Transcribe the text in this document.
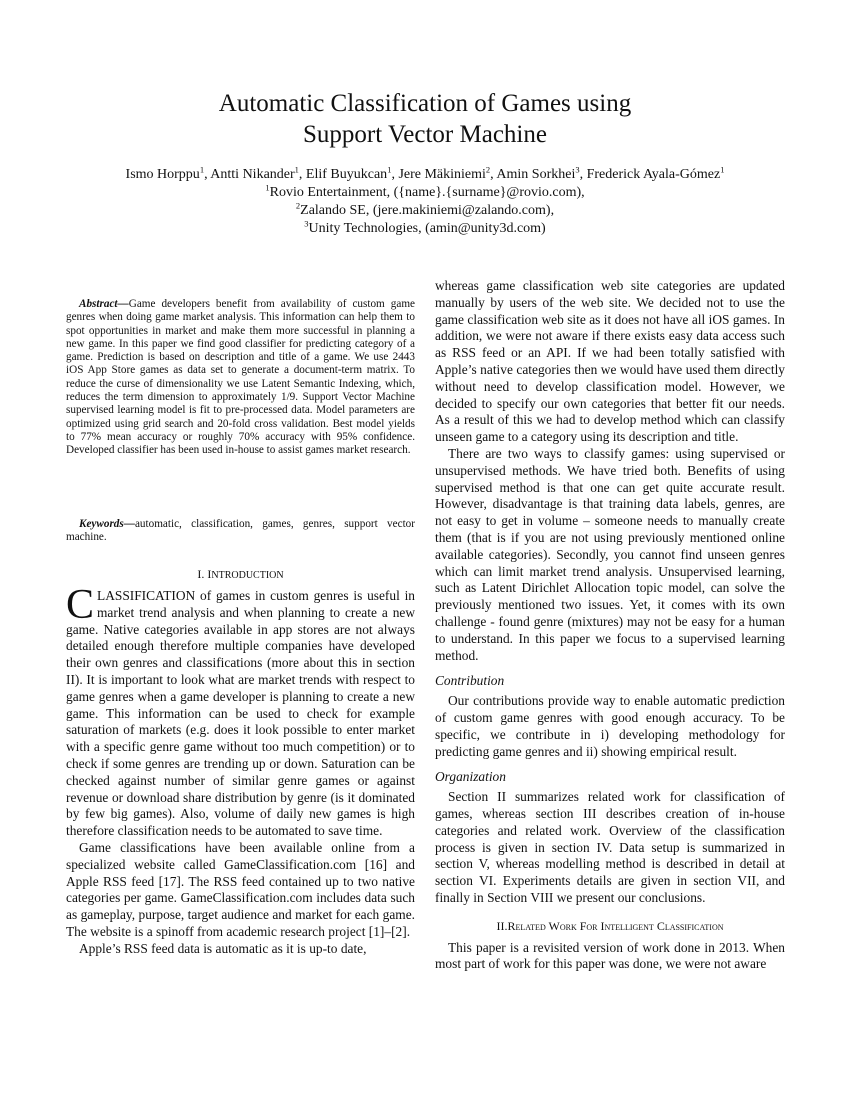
Automatic Classification of Games using
Support Vector Machine
Ismo Horppu$^1$, Antti Nikander$^1$, Elif Buyukcan$^1$, Jere Mäkiniemi$^2$, Amin Sorkhei$^3$, Frederick Ayala-Gómez$^1$
$^1$Rovio Entertainment, ({name}.{surname}@rovio.com),
$^2$Zalando SE, (jere.makiniemi@zalando.com),
$^3$Unity Technologies, (amin@unity3d.com)

Abstract—Game developers benefit from availability of custom game genres when doing game market analysis. This information can help them to spot opportunities in market and make them more successful in planning a new game. In this paper we find good classifier for predicting category of a game. Prediction is based on description and title of a game. We use 2443 iOS App Store games as data set to generate a document-term matrix. To reduce the curse of dimensionality we use Latent Semantic Indexing, which, reduces the term dimension to approximately 1/9. Support Vector Machine supervised learning model is fit to pre-processed data. Model parameters are optimized using grid search and 20-fold cross validation. Best model yields to 77% mean accuracy or roughly 70% accuracy with 95% confidence. Developed classifier has been used in-house to assist games market research.

Keywords—automatic, classification, games, genres, support vector machine.

I. INTRODUCTION

CLASSIFICATION of games in custom genres is useful in market trend analysis and when planning to create a new game. Native categories available in app stores are not always detailed enough therefore multiple companies have developed their own genres and classifications (more about this in section II). It is important to look what are market trends with respect to game genres when a game developer is planning to create a new game. This information can be used to check for example saturation of markets (e.g. does it look possible to enter market with a specific genre game without too much competition) or to check if some genres are trending up or down. Saturation can be checked against number of similar genre games or against revenue or download share distribution by genre (is it dominated by few big games). Also, volume of daily new games is high therefore classification needs to be automated to save time.

Game classifications have been available online from a specialized website called GameClassification.com [16] and Apple RSS feed [17]. The RSS feed contained up to two native categories per game. GameClassification.com includes data such as gameplay, purpose, target audience and market for each game. The website is a spinoff from academic research project [1]–[2].

Apple’s RSS feed data is automatic as it is up-to date,

whereas game classification web site categories are updated manually by users of the web site. We decided not to use the game classification web site as it does not have all iOS games. In addition, we were not aware if there exists easy data access such as RSS feed or an API. If we had been totally satisfied with Apple’s native categories then we would have used them directly without need to develop classification model. However, we decided to specify our own categories that better fit our needs. As a result of this we had to develop method which can classify unseen game to a category using its description and title.

There are two ways to classify games: using supervised or unsupervised methods. We have tried both. Benefits of using supervised method is that one can get quite accurate result. However, disadvantage is that training data labels, genres, are not easy to get in volume – someone needs to manually create them (that is if you are not using previously mentioned online available categories). Secondly, you cannot find unseen genres which can limit market trend analysis. Unsupervised learning, such as Latent Dirichlet Allocation topic model, can solve the previously mentioned two issues. Yet, it comes with its own challenge - found genre (mixtures) may not be easy for a human to understand. In this paper we focus to a supervised learning method.

Contribution

Our contributions provide way to enable automatic prediction of custom game genres with good enough accuracy. To be specific, we contribute in i) developing methodology for predicting game genres and ii) showing empirical result.

Organization

Section II summarizes related work for classification of games, whereas section III describes creation of in-house categories and related work. Overview of the classification process is given in section IV. Data setup is summarized in section V, whereas modelling method is described in detail at section VI. Experiments details are given in section VII, and finally in Section VIII we present our conclusions.

II.Related Work For Intelligent Classification

This paper is a revisited version of work done in 2013. When most part of work for this paper was done, we were not aware
